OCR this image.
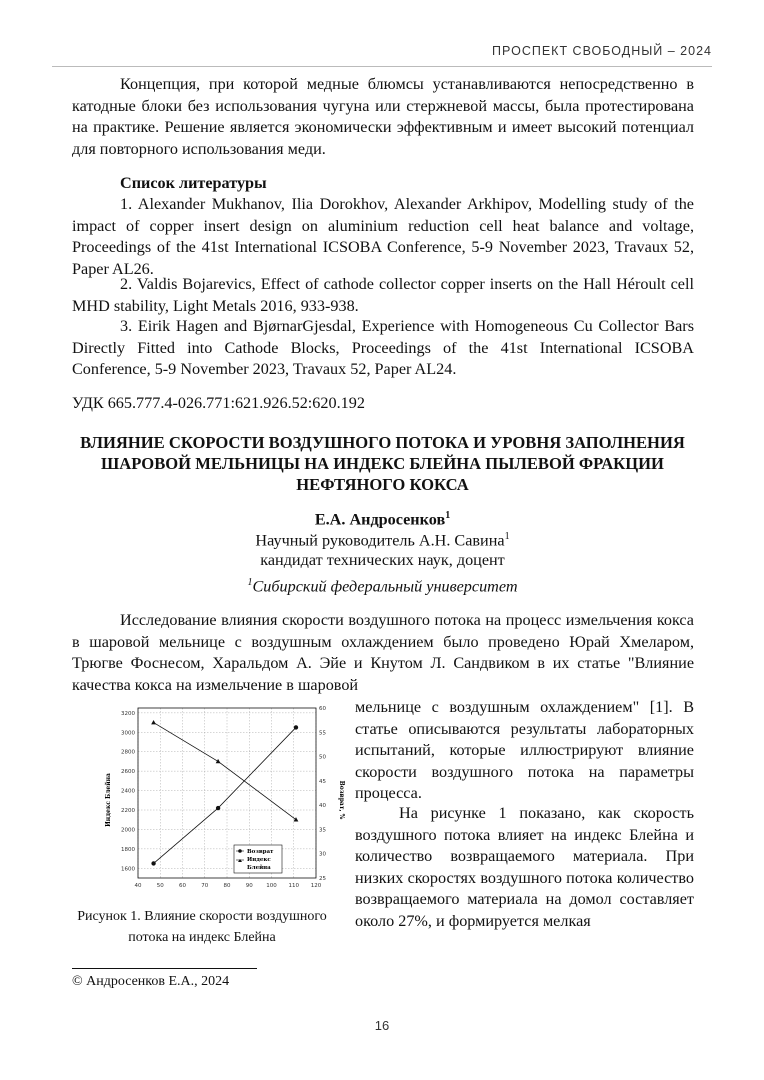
ПРОСПЕКТ СВОБОДНЫЙ – 2024
Концепция, при которой медные блюмсы устанавливаются непосредственно в катодные блоки без использования чугуна или стержневой массы, была протестирована на практике. Решение является экономически эффективным и имеет высокий потенциал для повторного использования меди.
Список литературы
1. Alexander Mukhanov, Ilia Dorokhov, Alexander Arkhipov, Modelling study of the impact of copper insert design on aluminium reduction cell heat balance and voltage, Proceedings of the 41st International ICSOBA Conference, 5-9 November 2023, Travaux 52, Paper AL26.
2. Valdis Bojarevics, Effect of cathode collector copper inserts on the Hall Héroult cell MHD stability, Light Metals 2016, 933-938.
3. Eirik Hagen and BjørnarGjesdal, Experience with Homogeneous Cu Collector Bars Directly Fitted into Cathode Blocks, Proceedings of the 41st International ICSOBA Conference, 5-9 November 2023, Travaux 52, Paper AL24.
УДК 665.777.4-026.771:621.926.52:620.192
ВЛИЯНИЕ СКОРОСТИ ВОЗДУШНОГО ПОТОКА И УРОВНЯ ЗАПОЛНЕНИЯ ШАРОВОЙ МЕЛЬНИЦЫ НА ИНДЕКС БЛЕЙНА ПЫЛЕВОЙ ФРАКЦИИ НЕФТЯНОГО КОКСА
Е.А. Андросенков$^1$
Научный руководитель А.Н. Савина$^1$
кандидат технических наук, доцент
$^1$Сибирский федеральный университет
Исследование влияния скорости воздушного потока на процесс измельчения кокса в шаровой мельнице с воздушным охлаждением было проведено Юрай Хмеларом, Трюгве Фоснесом, Харальдом А. Эйе и Кнутом Л. Сандвиком в их статье "Влияние качества кокса на измельчение в шаровой
мельнице с воздушным охлаждением" [1]. В статье описываются результаты лабораторных испытаний, которые иллюстрируют влияние скорости воздушного потока на параметры процесса.
На рисунке 1 показано, как скорость воздушного потока влияет на индекс Блейна и количество возвращаемого материала. При низких скоростях воздушного потока количество возвращаемого материала на домол составляет около 27%, и формируется мелкая
40	50	60	70	80	90 100 110 120
1600
1800
2000
2200
2400
2600
2800
3000
3200
25
30
35
40
45
50
55
60
Индекс Блейна	Возврат, %
Возврат
Индекс
Блейна
Рисунок 1. Влияние скорости воздушного потока на индекс Блейна
© Андросенков Е.А., 2024
16
